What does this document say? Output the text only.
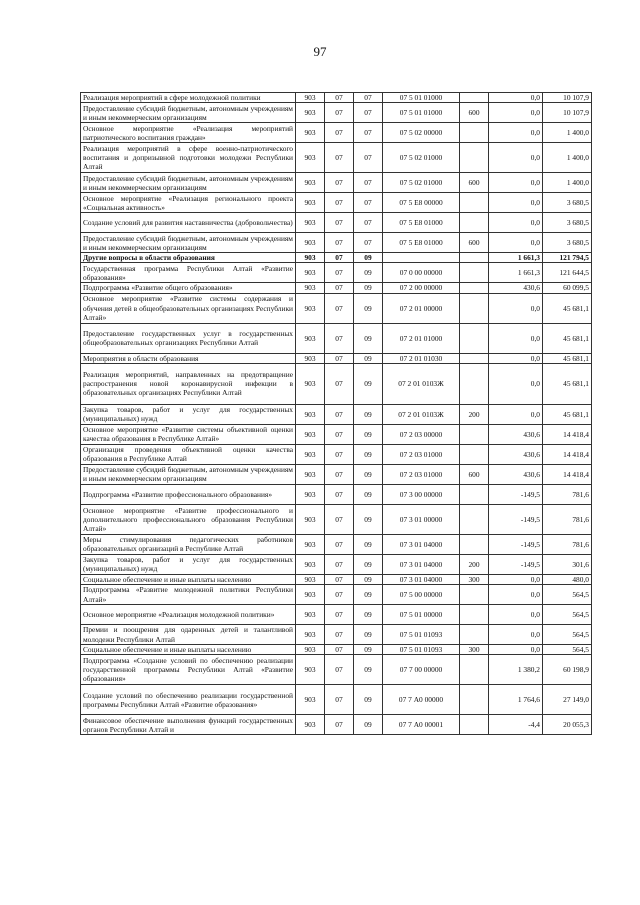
97
Реализация мероприятий в сфере молодежной политики	903	07	07	07 5 01 01000		0,0	10 107,9
Предоставление субсидий бюджетным, автономным учреждениям и иным некоммерческим организациям	903	07	07	07 5 01 01000	600	0,0	10 107,9
Основное мероприятие «Реализация мероприятий патриотического воспитания граждан»	903	07	07	07 5 02 00000		0,0	1 400,0
Реализация мероприятий в сфере военно-патриотического воспитания и допризывной подготовки молодежи Республики Алтай	903	07	07	07 5 02 01000		0,0	1 400,0
Предоставление субсидий бюджетным, автономным учреждениям и иным некоммерческим организациям	903	07	07	07 5 02 01000	600	0,0	1 400,0
Основное мероприятие «Реализация регионального проекта «Социальная активность»	903	07	07	07 5 E8 00000		0,0	3 680,5
Создание условий для развития наставничества (добровольчества)	903	07	07	07 5 E8 01000		0,0	3 680,5
Предоставление субсидий бюджетным, автономным учреждениям и иным некоммерческим организациям	903	07	07	07 5 E8 01000	600	0,0	3 680,5
Другие вопросы в области образования	903	07	09			1 661,3	121 794,5
Государственная программа Республики Алтай «Развитие образования»	903	07	09	07 0 00 00000		1 661,3	121 644,5
Подпрограмма «Развитие общего образования»	903	07	09	07 2 00 00000		430,6	60 099,5
Основное мероприятие «Развитие системы содержания и обучения детей в общеобразовательных организациях Республики Алтай»	903	07	09	07 2 01 00000		0,0	45 681,1
Предоставление государственных услуг в государственных общеобразовательных организациях Республики Алтай	903	07	09	07 2 01 01000		0,0	45 681,1
Мероприятия в области образования	903	07	09	07 2 01 01030		0,0	45 681,1
Реализация мероприятий, направленных на предотвращение распространения новой коронавирусной инфекции в образовательных организациях Республики Алтай	903	07	09	07 2 01 0103Ж		0,0	45 681,1
Закупка товаров, работ и услуг для государственных (муниципальных) нужд	903	07	09	07 2 01 0103Ж	200	0,0	45 681,1
Основное мероприятие «Развитие системы объективной оценки качества образования в Республике Алтай»	903	07	09	07 2 03 00000		430,6	14 418,4
Организация проведения объективной оценки качества образования в Республике Алтай	903	07	09	07 2 03 01000		430,6	14 418,4
Предоставление субсидий бюджетным, автономным учреждениям и иным некоммерческим организациям	903	07	09	07 2 03 01000	600	430,6	14 418,4
Подпрограмма «Развитие профессионального образования»	903	07	09	07 3 00 00000		-149,5	781,6
Основное мероприятие «Развитие профессионального и дополнительного профессионального образования Республики Алтай»	903	07	09	07 3 01 00000		-149,5	781,6
Меры стимулирования педагогических работников образовательных организаций в Республике Алтай	903	07	09	07 3 01 04000		-149,5	781,6
Закупка товаров, работ и услуг для государственных (муниципальных) нужд	903	07	09	07 3 01 04000	200	-149,5	301,6
Социальное обеспечение и иные выплаты населению	903	07	09	07 3 01 04000	300	0,0	480,0
Подпрограмма «Развитие молодежной политики Республики Алтай»	903	07	09	07 5 00 00000		0,0	564,5
Основное мероприятие «Реализация молодежной политики»	903	07	09	07 5 01 00000		0,0	564,5
Премии и поощрения для одаренных детей и талантливой молодежи Республики Алтай	903	07	09	07 5 01 01093		0,0	564,5
Социальное обеспечение и иные выплаты населению	903	07	09	07 5 01 01093	300	0,0	564,5
Подпрограмма «Создание условий по обеспечению реализации государственной программы Республики Алтай «Развитие образования»	903	07	09	07 7 00 00000		1 380,2	60 198,9
Создание условий по обеспечению реализации государственной программы Республики Алтай «Развитие образования»	903	07	09	07 7 А0 00000		1 764,6	27 149,0
Финансовое обеспечение выполнения функций государственных органов Республики Алтай и	903	07	09	07 7 А0 00001		-4,4	20 055,3
